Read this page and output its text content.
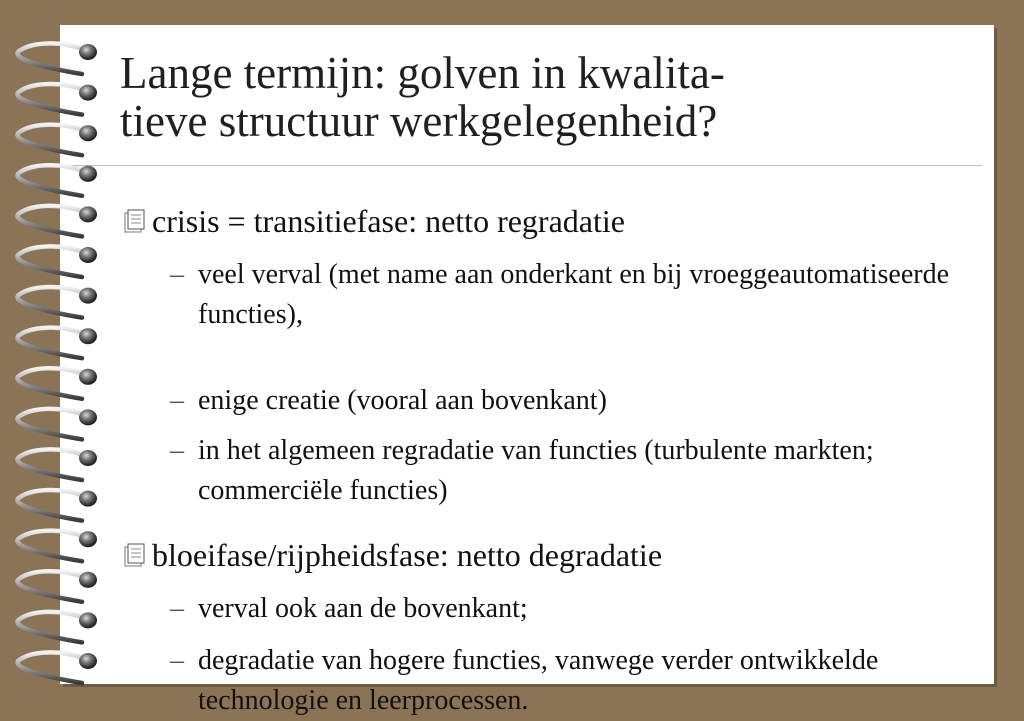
Lange termijn: golven in kwalita-
tieve structuur werkgelegenheid?
crisis = transitiefase: netto regradatie
– veel verval (met name aan onderkant en bij vroeggeautomatiseerde functies),
– enige creatie (vooral aan bovenkant)
– in het algemeen regradatie van functies (turbulente markten; commerciële functies)
bloeifase/rijpheidsfase: netto degradatie
– verval ook aan de bovenkant;
– degradatie van hogere functies, vanwege verder ontwikkelde technologie en leerprocessen.
